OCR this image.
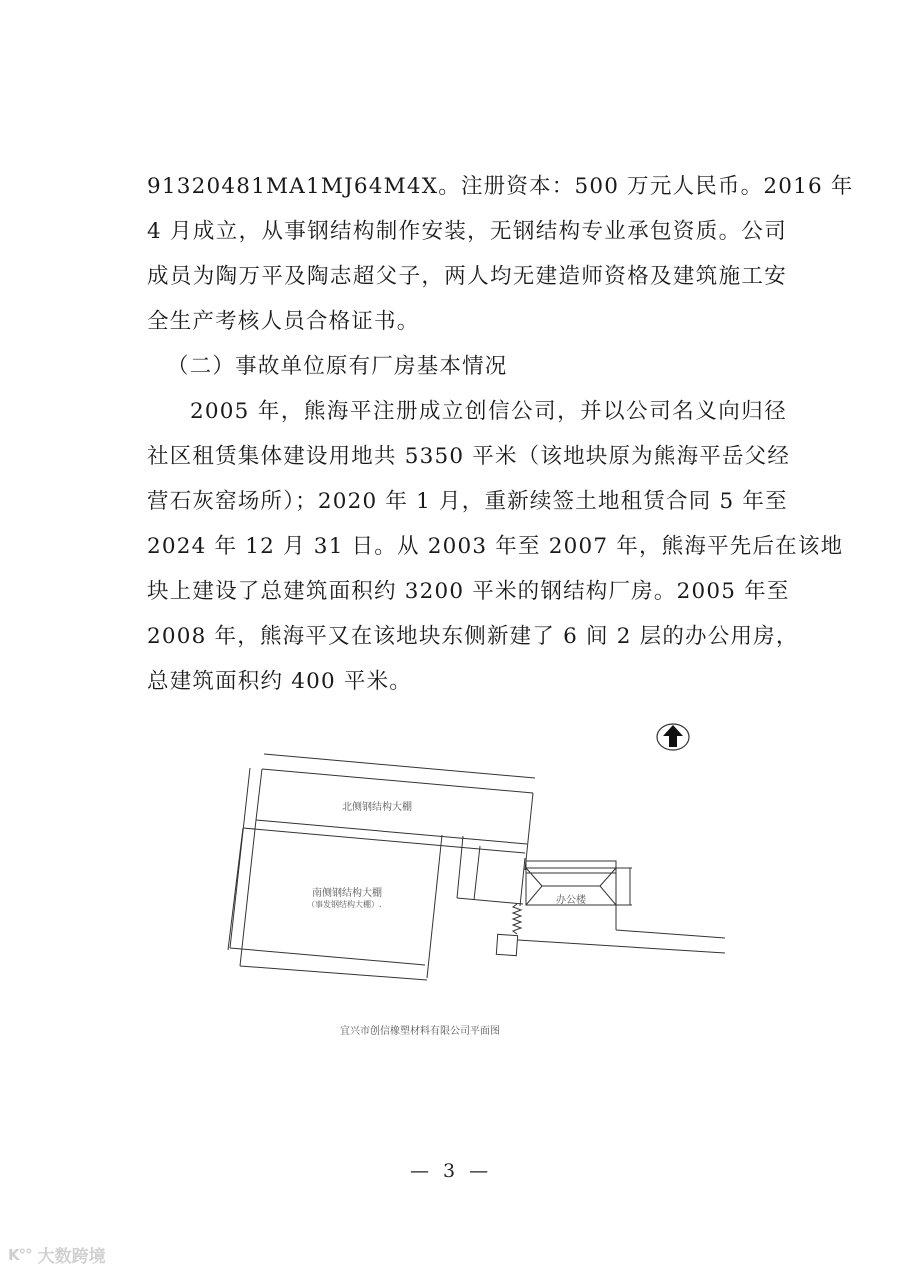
91320481MA1MJ64M4X。注册资本：500 万元人民币。2016 年
4 月成立，从事钢结构制作安装，无钢结构专业承包资质。公司
成员为陶万平及陶志超父子，两人均无建造师资格及建筑施工安
全生产考核人员合格证书。
（二）事故单位原有厂房基本情况
2005 年，熊海平注册成立创信公司，并以公司名义向归径
社区租赁集体建设用地共 5350 平米（该地块原为熊海平岳父经
营石灰窑场所）；2020 年 1 月，重新续签土地租赁合同 5 年至
2024 年 12 月 31 日。从 2003 年至 2007 年，熊海平先后在该地
块上建设了总建筑面积约 3200 平米的钢结构厂房。2005 年至
2008 年，熊海平又在该地块东侧新建了 6 间 2 层的办公用房，
总建筑面积约 400 平米。
北侧钢结构大棚
南侧钢结构大棚
（事发钢结构大棚）.	办公楼
宜兴市创信橡塑材料有限公司平面图
— 3 —
K°° 大数跨境
